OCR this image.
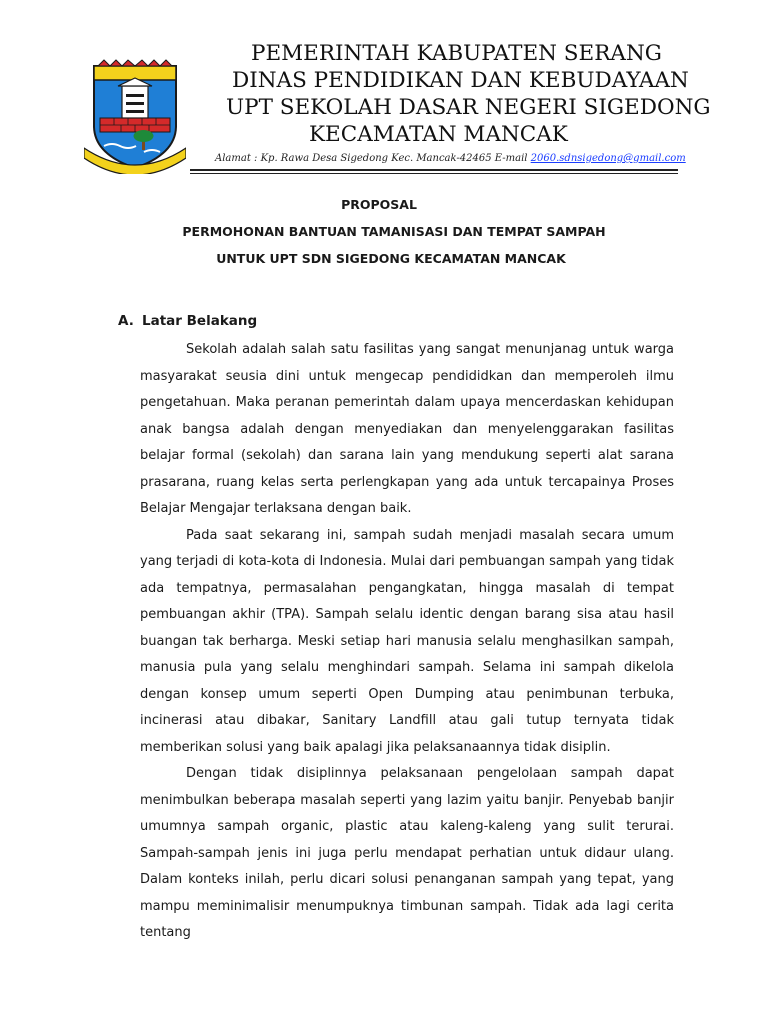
PEMERINTAH KABUPATEN SERANG
DINAS PENDIDIKAN DAN KEBUDAYAAN
UPT SEKOLAH DASAR NEGERI SIGEDONG
KECAMATAN MANCAK
Alamat : Kp. Rawa Desa Sigedong Kec. Mancak-42465 E-mail 2060.sdnsigedong@gmail.com
PROPOSAL
PERMOHONAN BANTUAN TAMANISASI DAN TEMPAT SAMPAH
UNTUK UPT SDN SIGEDONG KECAMATAN MANCAK
A. Latar Belakang

Sekolah adalah salah satu fasilitas yang sangat menunjanag untuk warga masyarakat seusia dini untuk mengecap pendididkan dan memperoleh ilmu pengetahuan. Maka peranan pemerintah dalam upaya mencerdaskan kehidupan anak bangsa adalah dengan menyediakan dan menyelenggarakan fasilitas belajar formal (sekolah) dan sarana lain yang mendukung seperti alat sarana prasarana, ruang kelas serta perlengkapan yang ada untuk tercapainya Proses Belajar Mengajar terlaksana dengan baik.

Pada saat sekarang ini, sampah sudah menjadi masalah secara umum yang terjadi di kota-kota di Indonesia. Mulai dari pembuangan sampah yang tidak ada tempatnya, permasalahan pengangkatan, hingga masalah di tempat pembuangan akhir (TPA). Sampah selalu identic dengan barang sisa atau hasil buangan tak berharga. Meski setiap hari manusia selalu menghasilkan sampah, manusia pula yang selalu menghindari sampah. Selama ini sampah dikelola dengan konsep umum seperti Open Dumping atau penimbunan terbuka, incinerasi atau dibakar, Sanitary Landfill atau gali tutup ternyata tidak memberikan solusi yang baik apalagi jika pelaksanaannya tidak disiplin.

Dengan tidak disiplinnya pelaksanaan pengelolaan sampah dapat menimbulkan beberapa masalah seperti yang lazim yaitu banjir. Penyebab banjir umumnya sampah organic, plastic atau kaleng-kaleng yang sulit terurai. Sampah-sampah jenis ini juga perlu mendapat perhatian untuk didaur ulang. Dalam konteks inilah, perlu dicari solusi penanganan sampah yang tepat, yang mampu meminimalisir menumpuknya timbunan sampah. Tidak ada lagi cerita tentang
